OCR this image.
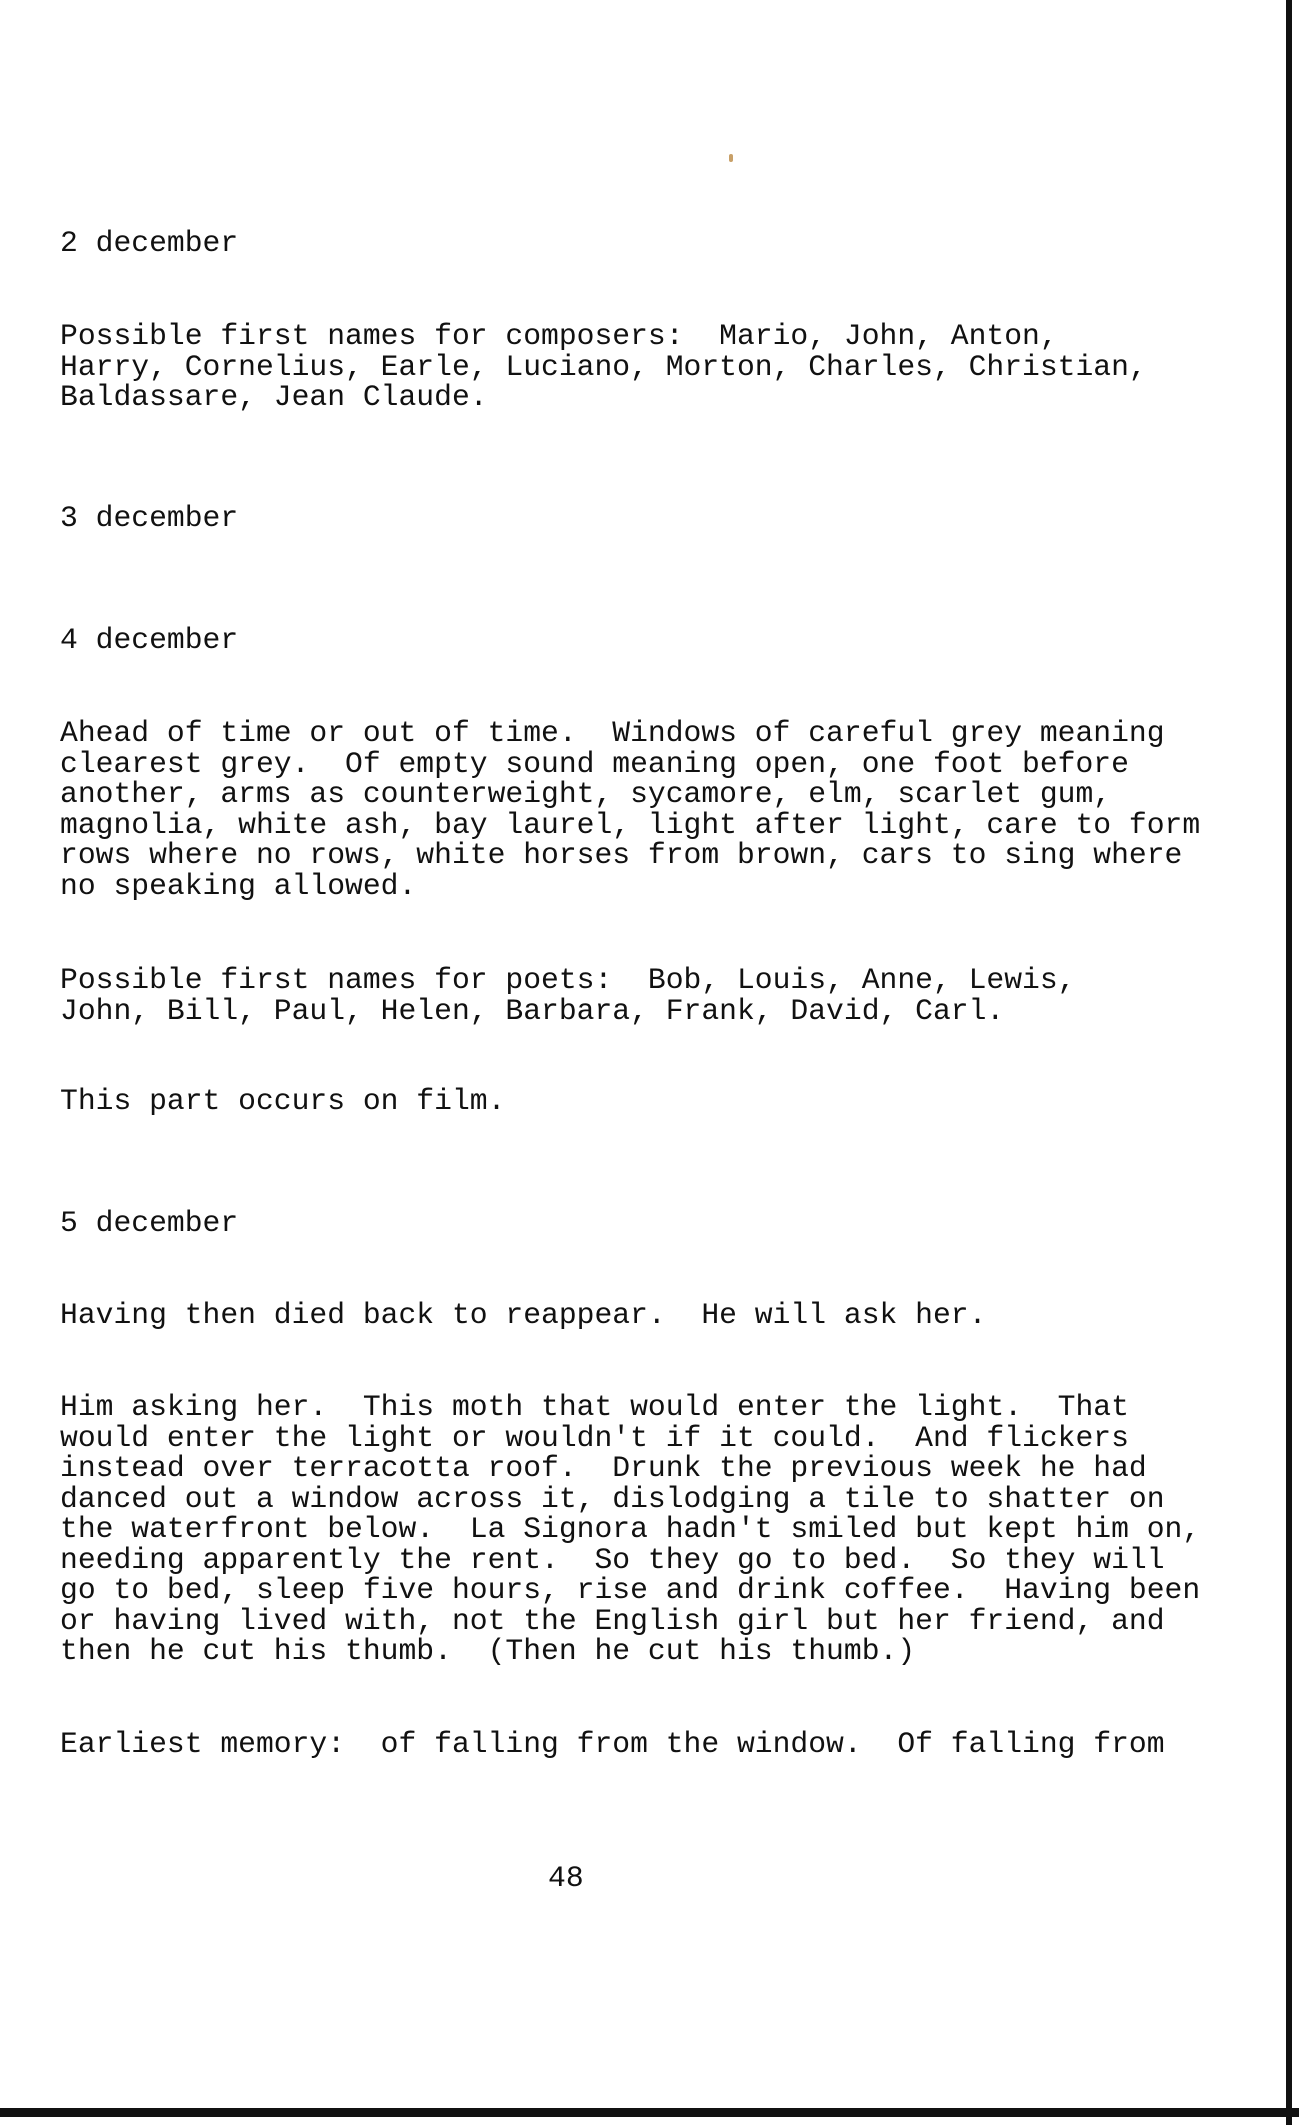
2 december
Possible first names for composers:  Mario, John, Anton,
Harry, Cornelius, Earle, Luciano, Morton, Charles, Christian,
Baldassare, Jean Claude.
3 december
4 december
Ahead of time or out of time.  Windows of careful grey meaning
clearest grey.  Of empty sound meaning open, one foot before
another, arms as counterweight, sycamore, elm, scarlet gum,
magnolia, white ash, bay laurel, light after light, care to form
rows where no rows, white horses from brown, cars to sing where
no speaking allowed.
Possible first names for poets:  Bob, Louis, Anne, Lewis,
John, Bill, Paul, Helen, Barbara, Frank, David, Carl.
This part occurs on film.
5 december
Having then died back to reappear.  He will ask her.
Him asking her.  This moth that would enter the light.  That
would enter the light or wouldn't if it could.  And flickers
instead over terracotta roof.  Drunk the previous week he had
danced out a window across it, dislodging a tile to shatter on
the waterfront below.  La Signora hadn't smiled but kept him on,
needing apparently the rent.  So they go to bed.  So they will
go to bed, sleep five hours, rise and drink coffee.  Having been
or having lived with, not the English girl but her friend, and
then he cut his thumb.  (Then he cut his thumb.)
Earliest memory:  of falling from the window.  Of falling from
48
